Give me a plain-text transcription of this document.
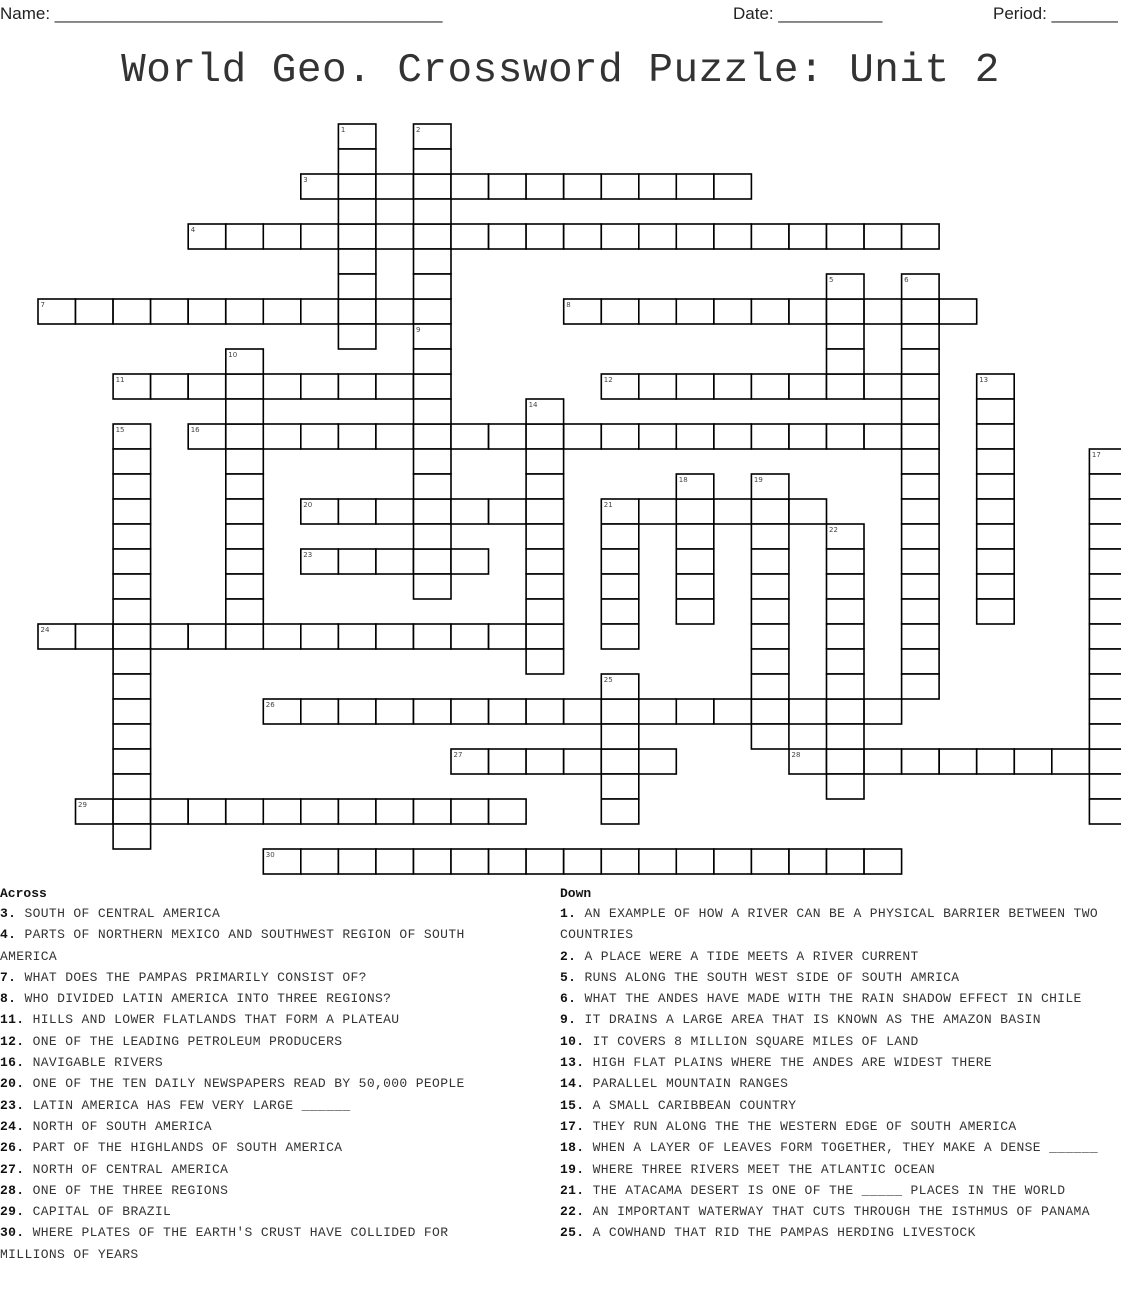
Name: _________________________________________	Date: ___________	Period: _______
World Geo. Crossword Puzzle: Unit 2
3
4
7	8
11	12
16
20	21
23
24
26
27	28
29
30
1	2
5	6
9
10
13
14
15
17
18	19
22
25
Across
3. SOUTH OF CENTRAL AMERICA
4. PARTS OF NORTHERN MEXICO AND SOUTHWEST REGION OF SOUTH AMERICA
7. WHAT DOES THE PAMPAS PRIMARILY CONSIST OF?
8. WHO DIVIDED LATIN AMERICA INTO THREE REGIONS?
11. HILLS AND LOWER FLATLANDS THAT FORM A PLATEAU
12. ONE OF THE LEADING PETROLEUM PRODUCERS
16. NAVIGABLE RIVERS
20. ONE OF THE TEN DAILY NEWSPAPERS READ BY 50,000 PEOPLE
23. LATIN AMERICA HAS FEW VERY LARGE ______
24. NORTH OF SOUTH AMERICA
26. PART OF THE HIGHLANDS OF SOUTH AMERICA
27. NORTH OF CENTRAL AMERICA
28. ONE OF THE THREE REGIONS
29. CAPITAL OF BRAZIL
30. WHERE PLATES OF THE EARTH'S CRUST HAVE COLLIDED FOR MILLIONS OF YEARS
Down
1. AN EXAMPLE OF HOW A RIVER CAN BE A PHYSICAL BARRIER BETWEEN TWO COUNTRIES
2. A PLACE WERE A TIDE MEETS A RIVER CURRENT
5. RUNS ALONG THE SOUTH WEST SIDE OF SOUTH AMRICA
6. WHAT THE ANDES HAVE MADE WITH THE RAIN SHADOW EFFECT IN CHILE
9. IT DRAINS A LARGE AREA THAT IS KNOWN AS THE AMAZON BASIN
10. IT COVERS 8 MILLION SQUARE MILES OF LAND
13. HIGH FLAT PLAINS WHERE THE ANDES ARE WIDEST THERE
14. PARALLEL MOUNTAIN RANGES
15. A SMALL CARIBBEAN COUNTRY
17. THEY RUN ALONG THE THE WESTERN EDGE OF SOUTH AMERICA
18. WHEN A LAYER OF LEAVES FORM TOGETHER, THEY MAKE A DENSE ______
19. WHERE THREE RIVERS MEET THE ATLANTIC OCEAN
21. THE ATACAMA DESERT IS ONE OF THE _____ PLACES IN THE WORLD
22. AN IMPORTANT WATERWAY THAT CUTS THROUGH THE ISTHMUS OF PANAMA
25. A COWHAND THAT RID THE PAMPAS HERDING LIVESTOCK
